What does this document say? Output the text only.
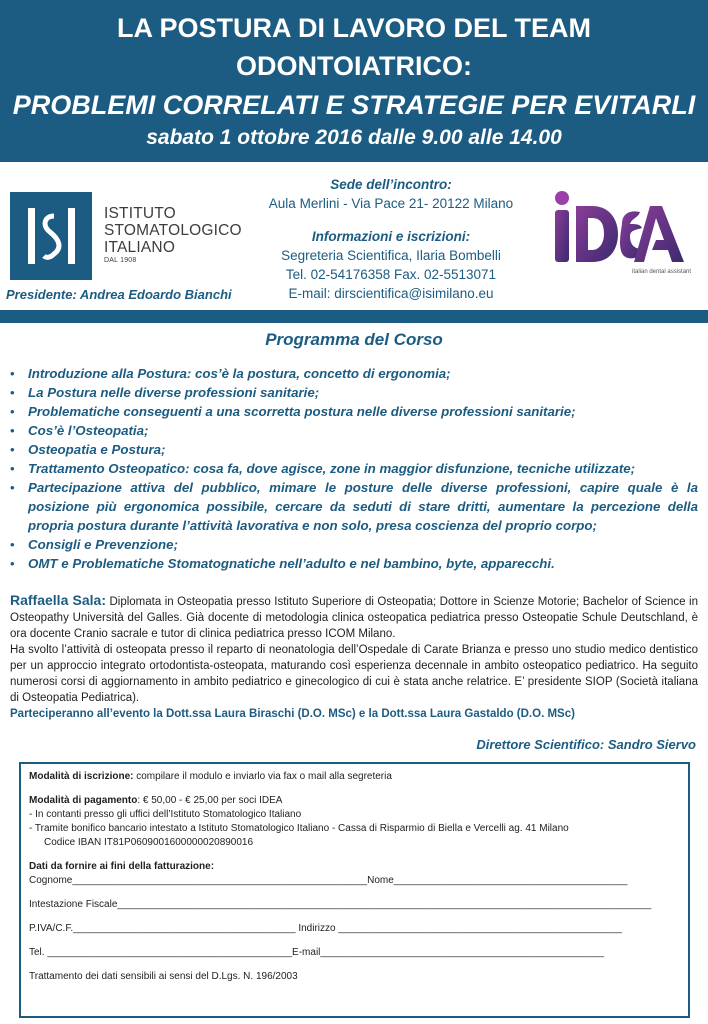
LA POSTURA DI LAVORO DEL TEAM
ODONTOIATRICO:
PROBLEMI CORRELATI E STRATEGIE PER EVITARLI
sabato 1 ottobre 2016 dalle 9.00 alle 14.00
ISTITUTO
STOMATOLOGICO
ITALIANO
DAL 1908
Presidente: Andrea Edoardo Bianchi
Sede dell’incontro:
Aula Merlini - Via Pace 21- 20122 Milano
Informazioni e iscrizioni:
Segreteria Scientifica, Ilaria Bombelli
Tel. 02-54176358 Fax. 02-5513071
E-mail: dirscientifica@isimilano.eu
italian dental assistant
Programma del Corso
• Introduzione alla Postura: cos’è la postura, concetto di ergonomia;
• La Postura nelle diverse professioni sanitarie;
• Problematiche conseguenti a una scorretta postura nelle diverse professioni sanitarie;
• Cos’è l’Osteopatia;
• Osteopatia e Postura;
• Trattamento Osteopatico: cosa fa, dove agisce, zone in maggior disfunzione, tecniche utilizzate;
• Partecipazione attiva del pubblico, mimare le posture delle diverse professioni, capire quale è la posizione più ergonomica possibile, cercare da seduti di stare dritti, aumentare la percezione della propria postura durante l’attività lavorativa e non solo, presa coscienza del proprio corpo;
• Consigli e Prevenzione;
• OMT e Problematiche Stomatognatiche nell’adulto e nel bambino, byte, apparecchi.
Raffaella Sala: Diplomata in Osteopatia presso Istituto Superiore di Osteopatia; Dottore in Scienze Motorie; Bachelor of Science in Osteopathy Università del Galles. Già docente di metodologia clinica osteopatica pediatrica presso Osteopatie Schule Deutschland, è ora docente Cranio sacrale e tutor di clinica pediatrica presso ICOM Milano.
Ha svolto l’attività di osteopata presso il reparto di neonatologia dell’Ospedale di Carate Brianza e presso uno studio medico dentistico per un approccio integrato ortodontista-osteopata, maturando così esperienza decennale in ambito osteopatico pediatrico. Ha seguito numerosi corsi di aggiornamento in ambito pediatrico e ginecologico di cui è stata anche relatrice. E’ presidente SIOP (Società italiana di Osteopatia Pediatrica).
Parteciperanno all’evento la Dott.ssa Laura Biraschi (D.O. MSc) e la Dott.ssa Laura Gastaldo (D.O. MSc)
Direttore Scientifico: Sandro Siervo
Modalità di iscrizione: compilare il modulo e inviarlo via fax o mail alla segreteria
Modalità di pagamento: € 50,00 - € 25,00 per soci IDEA
- In contanti presso gli uffici dell’Istituto Stomatologico Italiano
- Tramite bonifico bancario intestato a Istituto Stomatologico Italiano - Cassa di Risparmio di Biella e Vercelli ag. 41 Milano
Codice IBAN IT81P0609001600000020890016
Dati da fornire ai fini della fatturazione:
Cognome_____________________________________________________Nome__________________________________________
Intestazione Fiscale________________________________________________________________________________________________
P.IVA/C.F.________________________________________ Indirizzo ___________________________________________________
Tel. ____________________________________________E-mail___________________________________________________
Trattamento dei dati sensibili ai sensi del D.Lgs. N. 196/2003
